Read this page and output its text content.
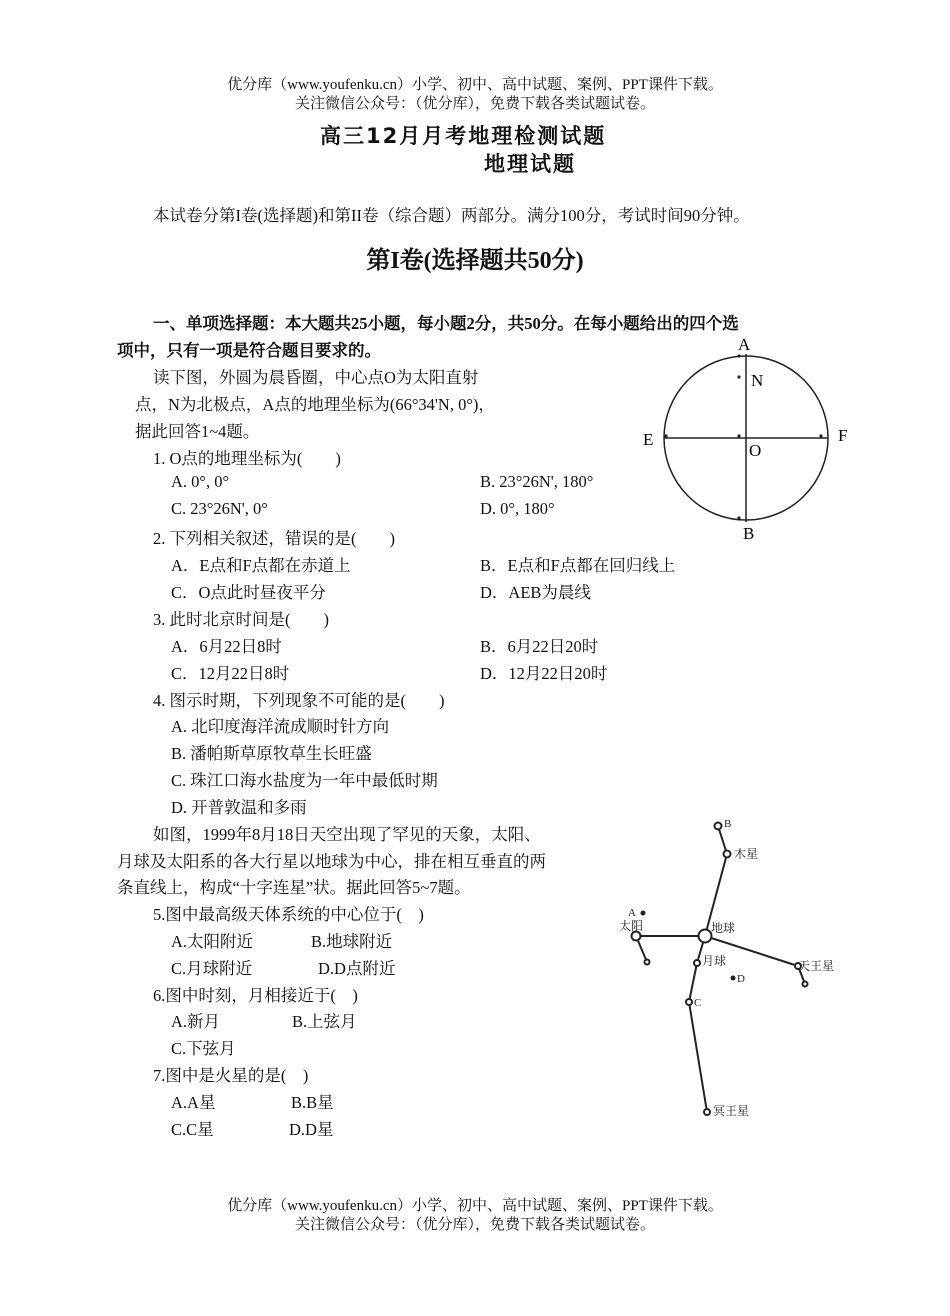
优分库（www.youfenku.cn）小学、初中、高中试题、案例、PPT课件下载。
关注微信公众号：（优分库），免费下载各类试题试卷。
高三12月月考地理检测试题
地理试题
本试卷分第I卷(选择题)和第II卷（综合题）两部分。满分100分，考试时间90分钟。
第I卷(选择题共50分)
一、单项选择题：本大题共25小题，每小题2分，共50分。在每小题给出的四个选
项中，只有一项是符合题目要求的。
读下图，外圆为晨昏圈，中心点O为太阳直射
点，N为北极点，A点的地理坐标为(66°34'N, 0°)，
据此回答1~4题。
A
N
O
E	F
B
1. O点的地理坐标为(　　)
A. 0°, 0°	B. 23°26N', 180°
C. 23°26N', 0°	D. 0°, 180°
2. 下列相关叙述，错误的是(　　)
A．E点和F点都在赤道上	B．E点和F点都在回归线上
C．O点此时昼夜平分	D．AEB为晨线
3. 此时北京时间是(　　)
A．6月22日8时	B．6月22日20时
C．12月22日8时	D．12月22日20时
4. 图示时期，下列现象不可能的是(　　)
A. 北印度海洋流成顺时针方向
B. 潘帕斯草原牧草生长旺盛
C. 珠江口海水盐度为一年中最低时期
D. 开普敦温和多雨
如图，1999年8月18日天空出现了罕见的天象，太阳、
月球及太阳系的各大行星以地球为中心，排在相互垂直的两
条直线上，构成“十字连星”状。据此回答5~7题。
5.图中最高级天体系统的中心位于(　)
A.太阳附近	B.地球附近
C.月球附近	D.D点附近
6.图中时刻，月相接近于(　)
A.新月	B.上弦月
C.下弦月
7.图中是火星的是(　)
A.A星	B.B星
C.C星	D.D星
B
木星
A
太阳	地球
月球
D
天王星
C
冥王星
优分库（www.youfenku.cn）小学、初中、高中试题、案例、PPT课件下载。
关注微信公众号：（优分库），免费下载各类试题试卷。
